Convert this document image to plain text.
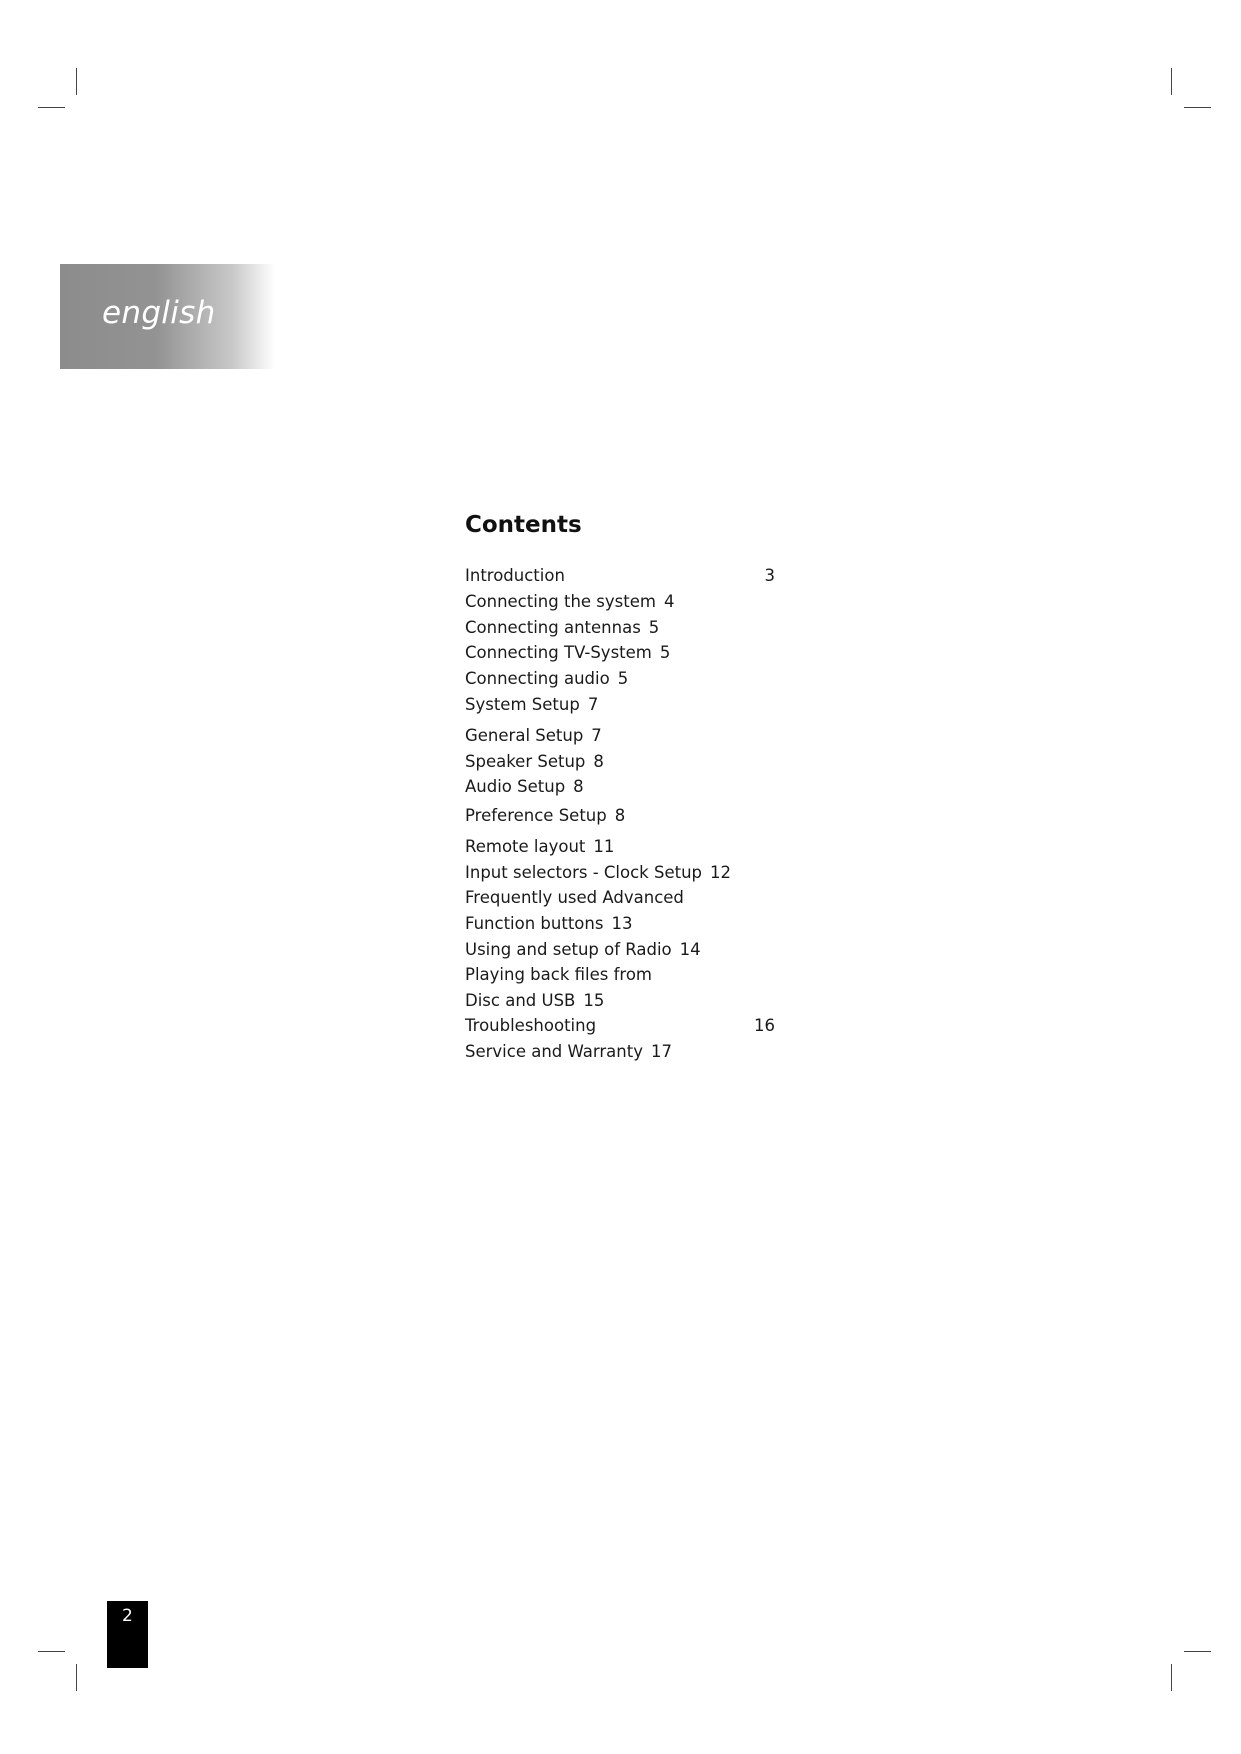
english
Contents
Introduction	3
Connecting the system 4
Connecting antennas 5
Connecting TV-System 5
Connecting audio 5
System Setup 7
General Setup 7
Speaker Setup 8
Audio Setup 8
Preference Setup 8
Remote layout 11
Input selectors - Clock Setup 12
Frequently used Advanced
Function buttons 13
Using and setup of Radio 14
Playing back files from
Disc and USB 15
Troubleshooting	16
Service and Warranty 17
2
